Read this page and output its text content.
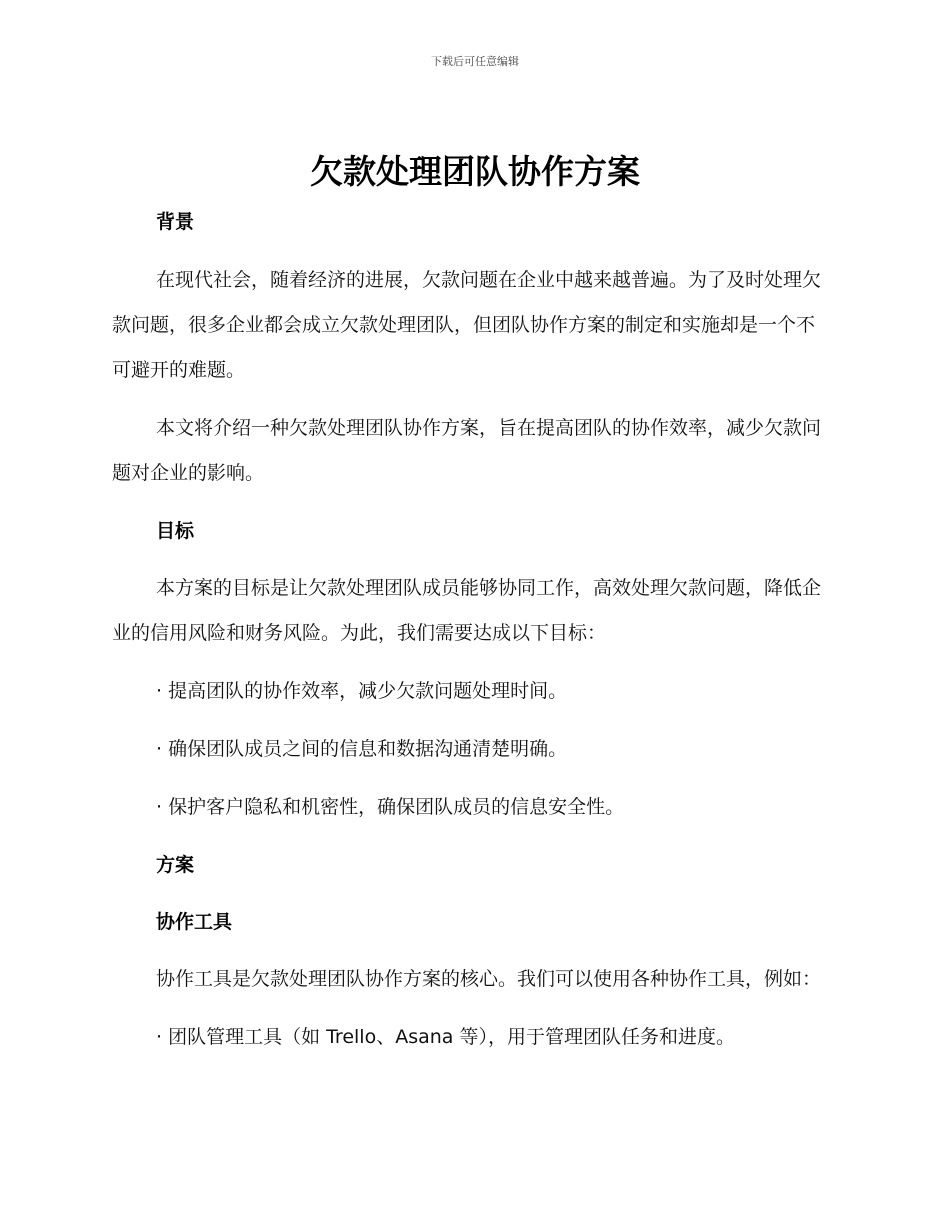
下载后可任意编辑
欠款处理团队协作方案

背景

在现代社会，随着经济的进展，欠款问题在企业中越来越普遍。为了及时处理欠款问题，很多企业都会成立欠款处理团队，但团队协作方案的制定和实施却是一个不可避开的难题。

本文将介绍一种欠款处理团队协作方案，旨在提高团队的协作效率，减少欠款问题对企业的影响。

目标

本方案的目标是让欠款处理团队成员能够协同工作，高效处理欠款问题，降低企业的信用风险和财务风险。为此，我们需要达成以下目标：

· 提高团队的协作效率，减少欠款问题处理时间。

· 确保团队成员之间的信息和数据沟通清楚明确。

· 保护客户隐私和机密性，确保团队成员的信息安全性。

方案

协作工具

协作工具是欠款处理团队协作方案的核心。我们可以使用各种协作工具，例如：

· 团队管理工具（如 Trello、Asana 等），用于管理团队任务和进度。
